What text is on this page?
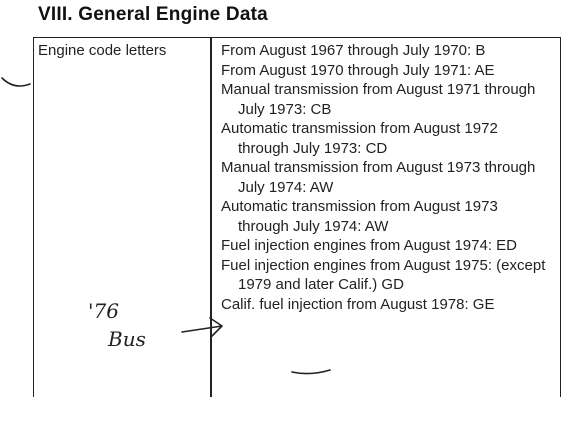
VIII. General Engine Data
Engine code letters	From August 1967 through July 1970: B

From August 1970 through July 1971: AE

Manual transmission from August 1971 through July 1973: CB

Automatic transmission from August 1972 through July 1973: CD

Manual transmission from August 1973 through July 1974: AW

Automatic transmission from August 1973 through July 1974: AW

Fuel injection engines from August 1974: ED

Fuel injection engines from August 1975: (except 1979 and later Calif.) GD

Calif. fuel injection from August 1978: GE

'76
Bus
